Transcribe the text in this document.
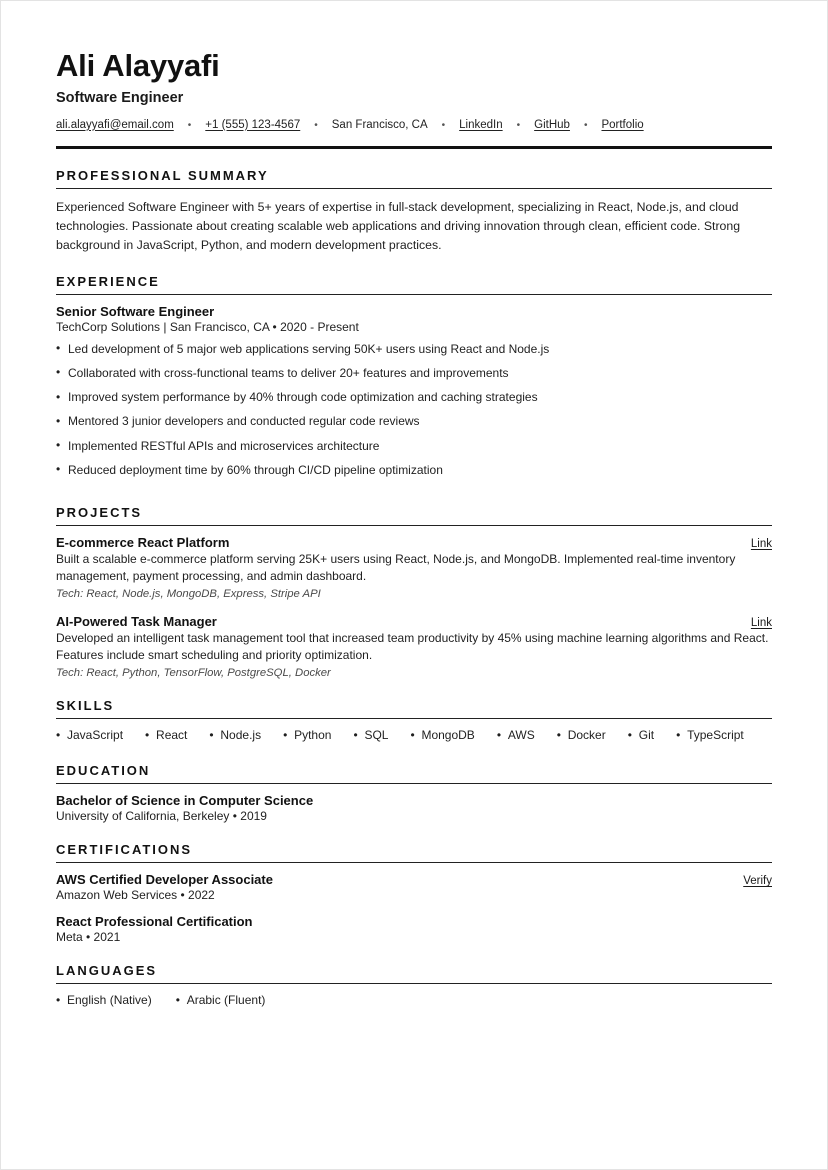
Ali Alayyafi
Software Engineer
ali.alayyafi@email.com	•	+1 (555) 123-4567	•	San Francisco, CA	•	LinkedIn	•	GitHub	•	Portfolio
PROFESSIONAL SUMMARY

Experienced Software Engineer with 5+ years of expertise in full-stack development, specializing in React, Node.js, and cloud technologies. Passionate about creating scalable web applications and driving innovation through clean, efficient code. Strong background in JavaScript, Python, and modern development practices.

EXPERIENCE
Senior Software Engineer
TechCorp Solutions | San Francisco, CA • 2020 - Present
• Led development of 5 major web applications serving 50K+ users using React and Node.js
• Collaborated with cross-functional teams to deliver 20+ features and improvements
• Improved system performance by 40% through code optimization and caching strategies
• Mentored 3 junior developers and conducted regular code reviews
• Implemented RESTful APIs and microservices architecture
• Reduced deployment time by 60% through CI/CD pipeline optimization
PROJECTS
E-commerce React Platform	Link

Built a scalable e-commerce platform serving 25K+ users using React, Node.js, and MongoDB. Implemented real-time inventory management, payment processing, and admin dashboard.

Tech: React, Node.js, MongoDB, Express, Stripe API

AI-Powered Task Manager	Link

Developed an intelligent task management tool that increased team productivity by 45% using machine learning algorithms and React. Features include smart scheduling and priority optimization.

Tech: React, Python, TensorFlow, PostgreSQL, Docker

SKILLS
• JavaScript	• React	• Node.js	• Python	• SQL	• MongoDB	• AWS	• Docker	• Git	• TypeScript
EDUCATION
Bachelor of Science in Computer Science
University of California, Berkeley • 2019
CERTIFICATIONS
AWS Certified Developer Associate	Verify
Amazon Web Services • 2022
React Professional Certification
Meta • 2021
LANGUAGES
• English (Native)	• Arabic (Fluent)
